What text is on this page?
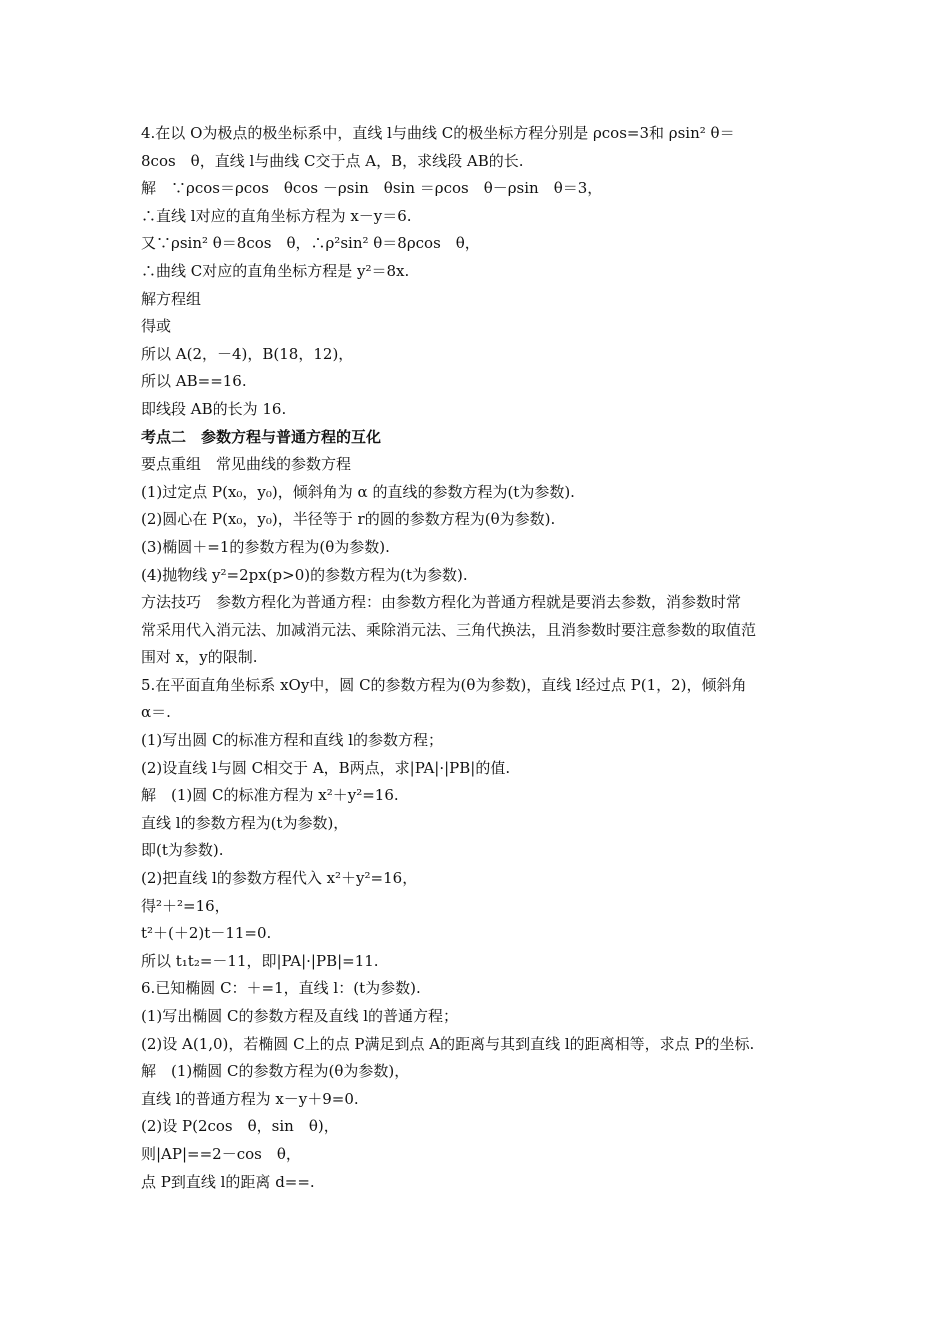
4.在以 O为极点的极坐标系中，直线 l与曲线 C的极坐标方程分别是 ρcos=3和 ρsin² θ＝
8cos　θ，直线 l与曲线 C交于点 A，B，求线段 AB的长.
解　∵ρcos＝ρcos　θcos －ρsin　θsin ＝ρcos　θ－ρsin　θ＝3，
∴直线 l对应的直角坐标方程为 x－y＝6.
又∵ρsin² θ＝8cos　θ，∴ρ²sin² θ＝8ρcos　θ，
∴曲线 C对应的直角坐标方程是 y²＝8x.
解方程组
得或
所以 A(2，－4)，B(18，12)，
所以 AB==16.
即线段 AB的长为 16.
考点二　参数方程与普通方程的互化
要点重组　常见曲线的参数方程
(1)过定点 P(x₀，y₀)，倾斜角为 α 的直线的参数方程为(t为参数).
(2)圆心在 P(x₀，y₀)，半径等于 r的圆的参数方程为(θ为参数).
(3)椭圆＋=1的参数方程为(θ为参数).
(4)抛物线 y²=2px(p>0)的参数方程为(t为参数).
方法技巧　参数方程化为普通方程：由参数方程化为普通方程就是要消去参数，消参数时常
常采用代入消元法、加减消元法、乘除消元法、三角代换法，且消参数时要注意参数的取值范
围对 x，y的限制.
5.在平面直角坐标系 xOy中，圆 C的参数方程为(θ为参数)，直线 l经过点 P(1，2)，倾斜角
α＝.
(1)写出圆 C的标准方程和直线 l的参数方程；
(2)设直线 l与圆 C相交于 A，B两点，求|PA|·|PB|的值.
解　(1)圆 C的标准方程为 x²＋y²=16.
直线 l的参数方程为(t为参数)，
即(t为参数).
(2)把直线 l的参数方程代入 x²＋y²=16，
得²＋²=16，
t²＋(＋2)t－11=0.
所以 t₁t₂=－11，即|PA|·|PB|=11.
6.已知椭圆 C：＋=1，直线 l：(t为参数).
(1)写出椭圆 C的参数方程及直线 l的普通方程；
(2)设 A(1,0)，若椭圆 C上的点 P满足到点 A的距离与其到直线 l的距离相等，求点 P的坐标.
解　(1)椭圆 C的参数方程为(θ为参数)，
直线 l的普通方程为 x－y＋9=0.
(2)设 P(2cos　θ，sin　θ)，
则|AP|==2－cos　θ，
点 P到直线 l的距离 d==.
